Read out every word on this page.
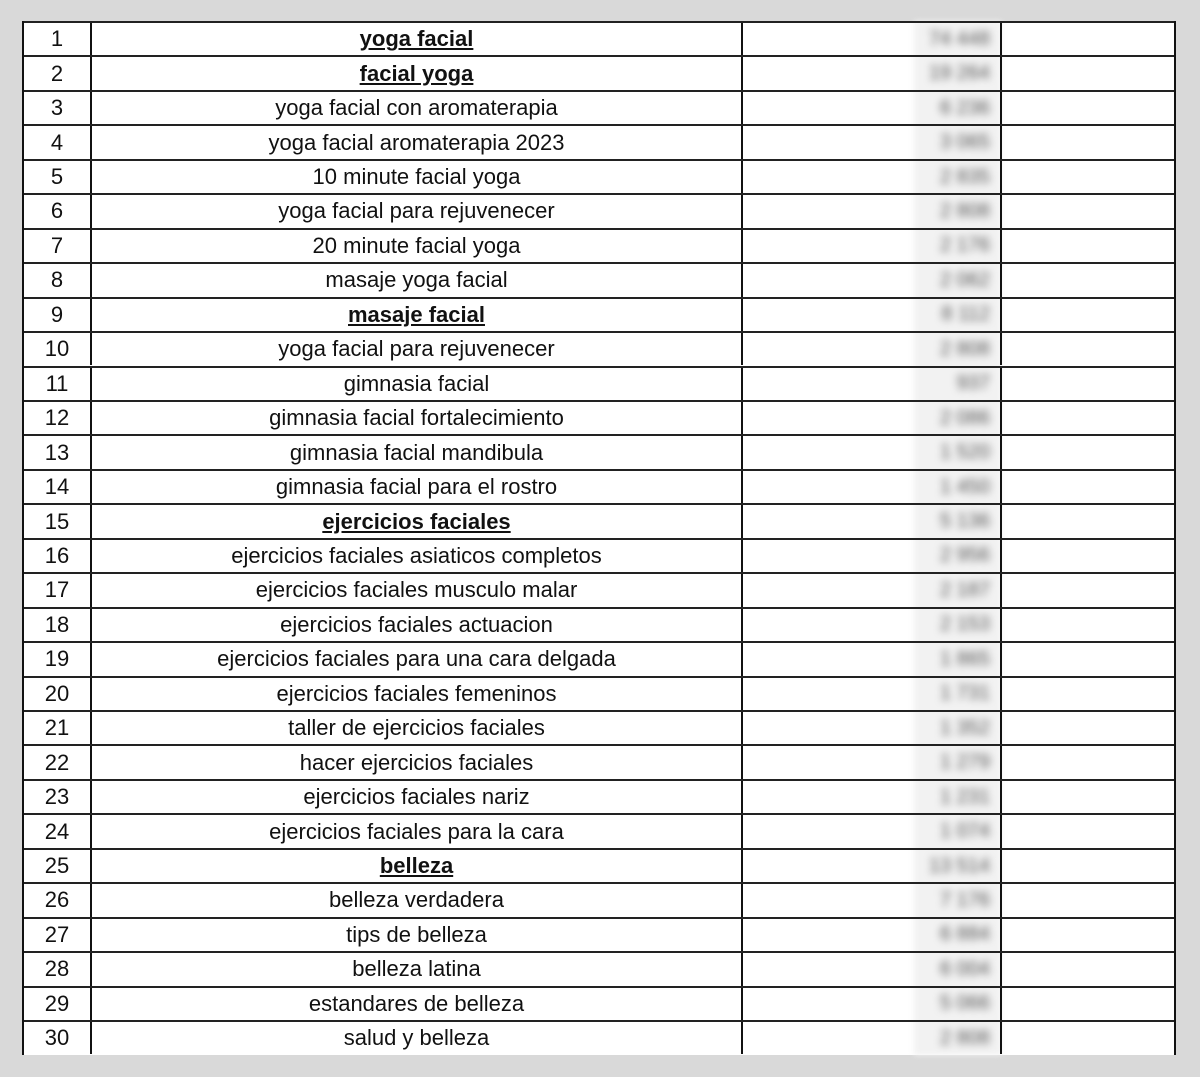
1	yoga facial	74 448
2	facial yoga	19 264
3	yoga facial con aromaterapia	6 236
4	yoga facial aromaterapia 2023	3 065
5	10 minute facial yoga	2 835
6	yoga facial para rejuvenecer	2 808
7	20 minute facial yoga	2 176
8	masaje yoga facial	2 062
9	masaje facial	8 112
10	yoga facial para rejuvenecer	2 808
11	gimnasia facial	937
12	gimnasia facial fortalecimiento	2 086
13	gimnasia facial mandibula	1 520
14	gimnasia facial para el rostro	1 450
15	ejercicios faciales	5 136
16	ejercicios faciales asiaticos completos	2 956
17	ejercicios faciales musculo malar	2 187
18	ejercicios faciales actuacion	2 153
19	ejercicios faciales para una cara delgada	1 865
20	ejercicios faciales femeninos	1 731
21	taller de ejercicios faciales	1 352
22	hacer ejercicios faciales	1 279
23	ejercicios faciales nariz	1 231
24	ejercicios faciales para la cara	1 074
25	belleza	13 514
26	belleza verdadera	7 176
27	tips de belleza	6 884
28	belleza latina	6 004
29	estandares de belleza	5 066
30	salud y belleza	2 808
